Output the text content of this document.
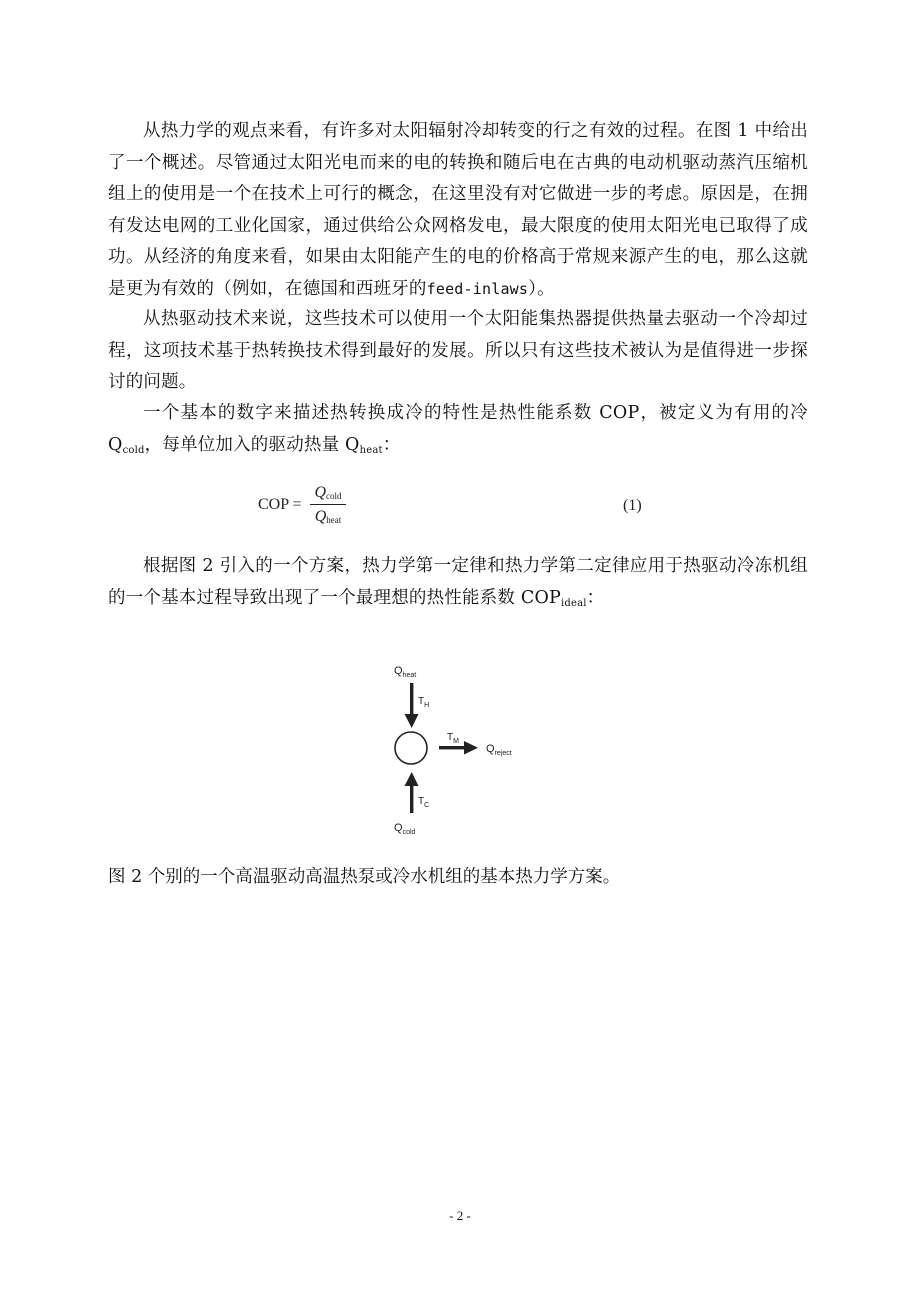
从热力学的观点来看，有许多对太阳辐射冷却转变的行之有效的过程。在图 1 中给出了一个概述。尽管通过太阳光电而来的电的转换和随后电在古典的电动机驱动蒸汽压缩机组上的使用是一个在技术上可行的概念，在这里没有对它做进一步的考虑。原因是，在拥有发达电网的工业化国家，通过供给公众网格发电，最大限度的使用太阳光电已取得了成功。从经济的角度来看，如果由太阳能产生的电的价格高于常规来源产生的电，那么这就是更为有效的（例如，在德国和西班牙的feed-inlaws）。

从热驱动技术来说，这些技术可以使用一个太阳能集热器提供热量去驱动一个冷却过程，这项技术基于热转换技术得到最好的发展。所以只有这些技术被认为是值得进一步探讨的问题。

一个基本的数字来描述热转换成冷的特性是热性能系数 COP，被定义为有用的冷 $Q_{cold}$，每单位加入的驱动热量 $Q_{heat}$：

COP =
$Q_{cold}$
$Q_{heat}$
(1)

根据图 2 引入的一个方案，热力学第一定律和热力学第二定律应用于热驱动冷冻机组的一个基本过程导致出现了一个最理想的热性能系数 $COP_{ideal}$：

$Q_{heat}$
$T_H$
$T_M$
$Q_{reject}$
$T_C$
$Q_{cold}$

图 2 个别的一个高温驱动高温热泵或冷水机组的基本热力学方案。

- 2 -
